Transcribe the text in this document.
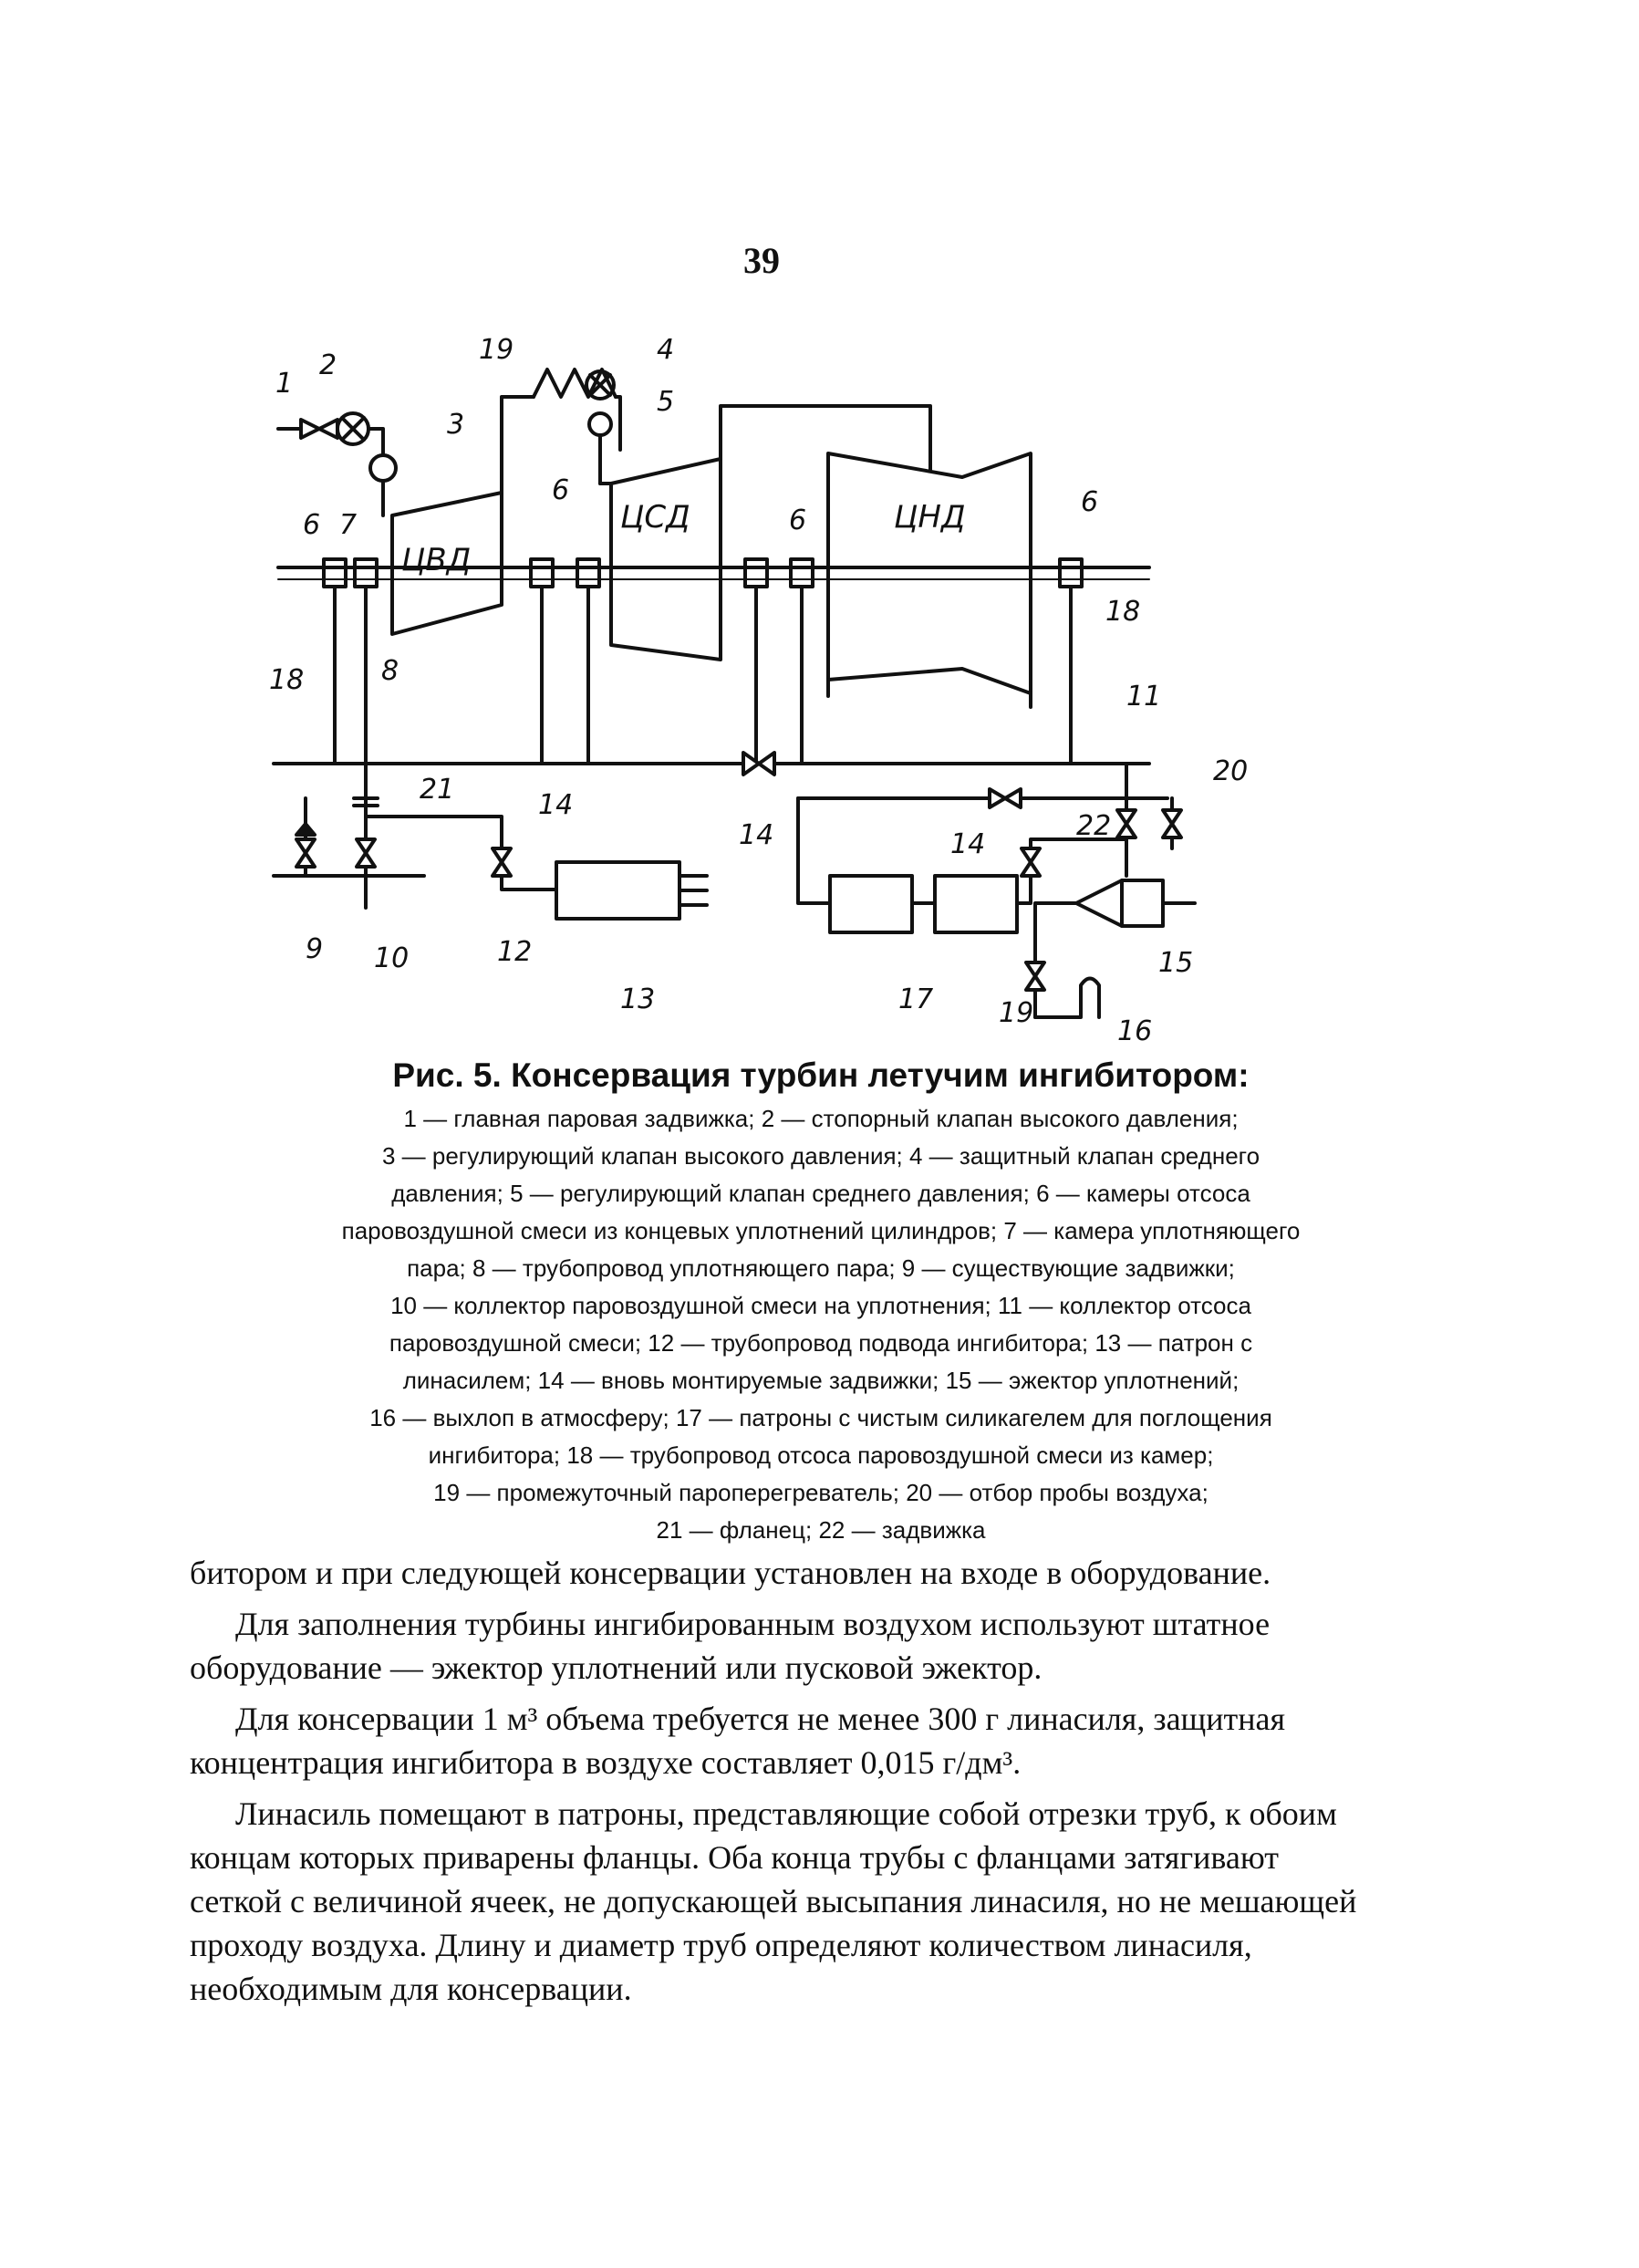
39
ЦВД
ЦСД	ЦНД
1
2
3
4
5
6 7
6
6
6
8
18
18
11
20
21	14
14	14
22
9 10	12
13	17
15
19
16
19
Рис. 5. Консервация турбин летучим ингибитором:
1 — главная паровая задвижка; 2 — стопорный клапан высокого давления;
3 — регулирующий клапан высокого давления; 4 — защитный клапан среднего
давления; 5 — регулирующий клапан среднего давления; 6 — камеры отсоса
паровоздушной смеси из концевых уплотнений цилиндров; 7 — камера уплотняющего
пара; 8 — трубопровод уплотняющего пара; 9 — существующие задвижки;
10 — коллектор паровоздушной смеси на уплотнения; 11 — коллектор отсоса
паровоздушной смеси; 12 — трубопровод подвода ингибитора; 13 — патрон с
линасилем; 14 — вновь монтируемые задвижки; 15 — эжектор уплотнений;
16 — выхлоп в атмосферу; 17 — патроны с чистым силикагелем для поглощения
ингибитора; 18 — трубопровод отсоса паровоздушной смеси из камер;
19 — промежуточный пароперегреватель; 20 — отбор пробы воздуха;
21 — фланец; 22 — задвижка

битором и при следующей консервации установлен на входе в оборудование.

Для заполнения турбины ингибированным воздухом используют штатное оборудование — эжектор уплотнений или пусковой эжектор.

Для консервации 1 м³ объема требуется не менее 300 г линасиля, защитная концентрация ингибитора в воздухе составляет 0,015 г/дм³.

Линасиль помещают в патроны, представляющие собой отрезки труб, к обоим концам которых приварены фланцы. Оба конца трубы с фланцами затягивают сеткой с величиной ячеек, не допускающей высыпания линасиля, но не мешающей проходу воздуха. Длину и диаметр труб определяют количеством линасиля, необходимым для консервации.
